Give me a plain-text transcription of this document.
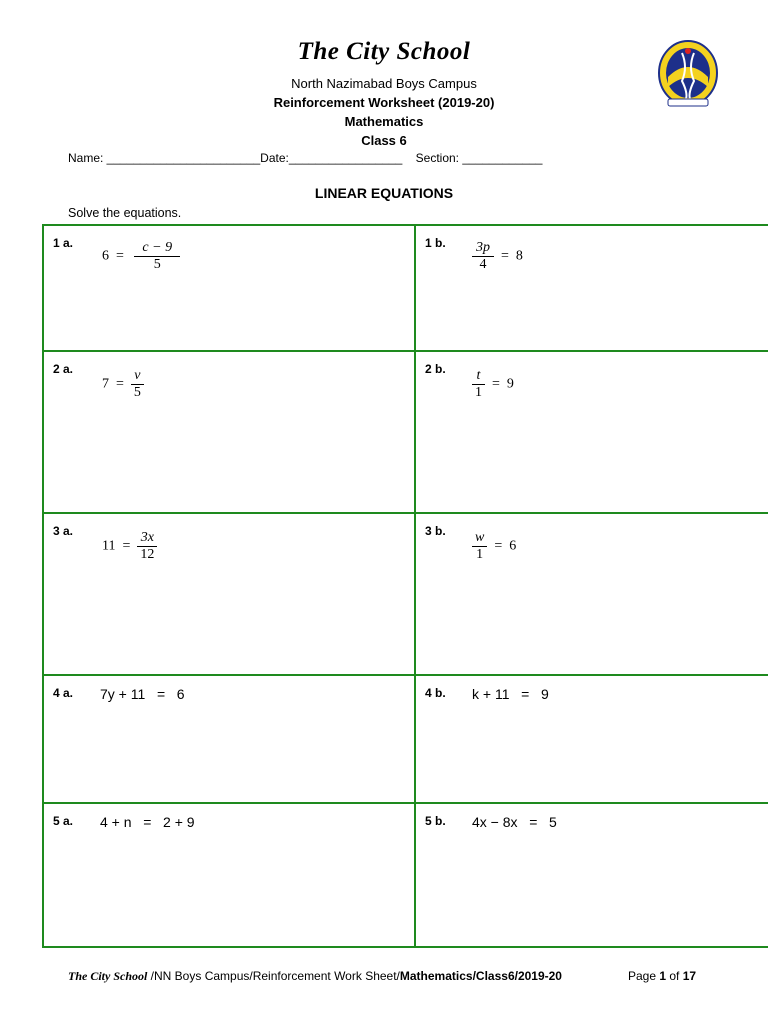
The City School
North Nazimabad Boys Campus
Reinforcement Worksheet (2019-20)
Mathematics
Class 6
Name: _______________________Date:_________________    Section: ____________
LINEAR EQUATIONS
Solve the equations.
1 a.
$6 = \frac{c - 9}{5}$	1 b. $\frac{3p}{4} = 8$
2 a.
$7 = \frac{v}{5}$	2 b. $\frac{t}{1} = 9$
3 a.
$11 = \frac{3x}{12}$	3 b. $\frac{w}{1} = 6$
4 a. 7y + 11   =   6	4 b. k + 11   =   9
5 a. 4 + n   =   2 + 9	5 b. 4x − 8x   =   5
The City School /NN Boys Campus/Reinforcement Work Sheet/Mathematics/Class6/2019-20	Page 1 of 17
